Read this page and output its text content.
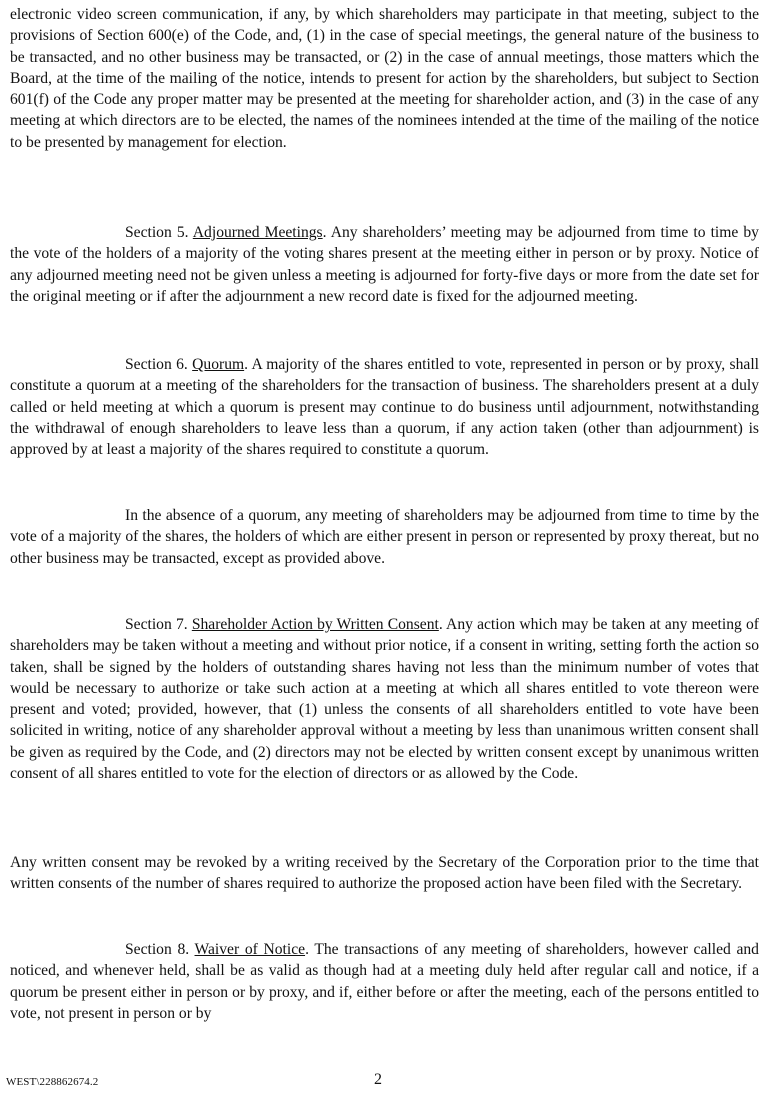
electronic video screen communication, if any, by which shareholders may participate in that meeting, subject to the provisions of Section 600(e) of the Code, and, (1) in the case of special meetings, the general nature of the business to be transacted, and no other business may be transacted, or (2) in the case of annual meetings, those matters which the Board, at the time of the mailing of the notice, intends to present for action by the shareholders, but subject to Section 601(f) of the Code any proper matter may be presented at the meeting for shareholder action, and (3) in the case of any meeting at which directors are to be elected, the names of the nominees intended at the time of the mailing of the notice to be presented by management for election.

Section 5. Adjourned Meetings. Any shareholders’ meeting may be adjourned from time to time by the vote of the holders of a majority of the voting shares present at the meeting either in person or by proxy. Notice of any adjourned meeting need not be given unless a meeting is adjourned for forty-five days or more from the date set for the original meeting or if after the adjournment a new record date is fixed for the adjourned meeting.

Section 6. Quorum. A majority of the shares entitled to vote, represented in person or by proxy, shall constitute a quorum at a meeting of the shareholders for the transaction of business. The shareholders present at a duly called or held meeting at which a quorum is present may continue to do business until adjournment, notwithstanding the withdrawal of enough shareholders to leave less than a quorum, if any action taken (other than adjournment) is approved by at least a majority of the shares required to constitute a quorum.

In the absence of a quorum, any meeting of shareholders may be adjourned from time to time by the vote of a majority of the shares, the holders of which are either present in person or represented by proxy thereat, but no other business may be transacted, except as provided above.

Section 7. Shareholder Action by Written Consent. Any action which may be taken at any meeting of shareholders may be taken without a meeting and without prior notice, if a consent in writing, setting forth the action so taken, shall be signed by the holders of outstanding shares having not less than the minimum number of votes that would be necessary to authorize or take such action at a meeting at which all shares entitled to vote thereon were present and voted; provided, however, that (1) unless the consents of all shareholders entitled to vote have been solicited in writing, notice of any shareholder approval without a meeting by less than unanimous written consent shall be given as required by the Code, and (2) directors may not be elected by written consent except by unanimous written consent of all shares entitled to vote for the election of directors or as allowed by the Code.

Any written consent may be revoked by a writing received by the Secretary of the Corporation prior to the time that written consents of the number of shares required to authorize the proposed action have been filed with the Secretary.

Section 8. Waiver of Notice. The transactions of any meeting of shareholders, however called and noticed, and whenever held, shall be as valid as though had at a meeting duly held after regular call and notice, if a quorum be present either in person or by proxy, and if, either before or after the meeting, each of the persons entitled to vote, not present in person or by

WEST\228862674.2	2
